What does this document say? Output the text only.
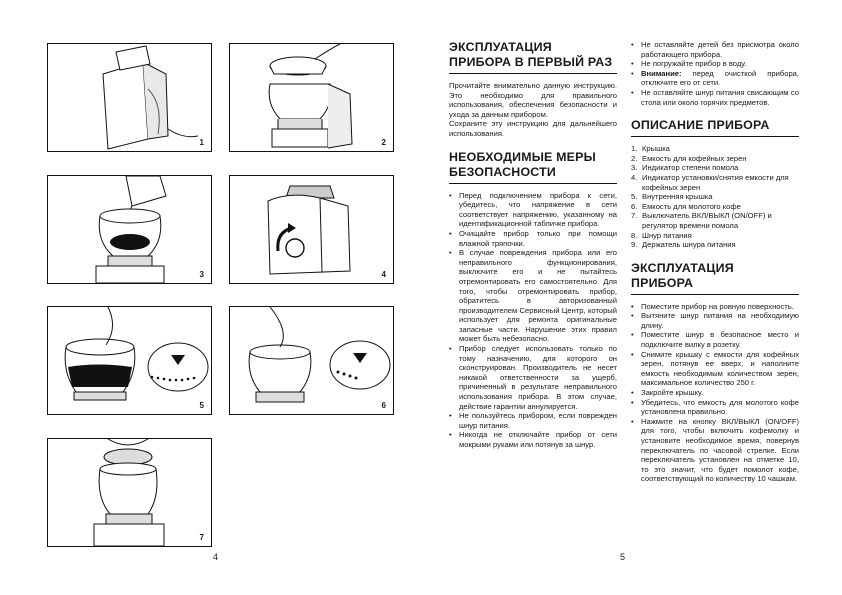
1	2
3	4
5	6
7
4	5
ЭКСПЛУАТАЦИЯ ПРИБОРА В ПЕРВЫЙ РАЗ

Прочитайте внимательно данную инструкцию. Это необходимо для правильного использования, обеспечения безопасности и ухода за данным прибором.

Сохраните эту инструкцию для дальнейшего использования.

НЕОБХОДИМЫЕ МЕРЫ БЕЗОПАСНОСТИ
• Перед подключением прибора к сети, убедитесь, что напряжение в сети соответствует напряжению, указанному на идентификационной табличке прибора.
• Очищайте прибор только при помощи влажной тряпочки.
• В случае повреждения прибора или его неправильного функционирования, выключите его и не пытайтесь отремонтировать его самостоятельно. Для того, чтобы отремонтировать прибор, обратитесь в авторизованный производителем Сервисный Центр, который использует для ремонта оригинальные запасные части. Нарушение этих правил может быть небезопасно.
• Прибор следует использовать только по тому назначению, для которого он сконструирован. Производитель не несет никакой ответственности за ущерб, причиненный в результате неправильного использования прибора. В этом случае, действие гарантии аннулируется.
• Не пользуйтесь прибором, если поврежден шнур питания.
• Никогда не отключайте прибор от сети мокрыми руками или потянув за шнур.
• Не оставляйте детей без присмотра около работающего прибора.
• Не погружайте прибор в воду.
• Внимание: перед очисткой прибора, отключите его от сети.
• Не оставляйте шнур питания свисающим со стола или около горячих предметов.
ОПИСАНИЕ ПРИБОРА
1. Крышка
2. Емкость для кофейных зерен
3. Индикатор степени помола
4. Индикатор установки/снятия емкости для кофейных зерен
5. Внутренняя крышка
6. Емкость для молотого кофе
7. Выключатель ВКЛ/ВЫКЛ (ON/OFF) и регулятор времени помола
8. Шнур питания
9. Держатель шнура питания
ЭКСПЛУАТАЦИЯ ПРИБОРА
• Поместите прибор на ровную поверхность.
• Вытяните шнур питания на необходимую длину.
• Поместите шнур в безопасное место и подключите вилку в розетку.
• Снимите крышку с емкости для кофейных зерен, потянув ее вверх, и наполните емкость необходимым количеством зерен, максимальное количество 250 г.
• Закройте крышку.
• Убедитесь, что емкость для молотого кофе установлена правильно.
• Нажмите на кнопку ВКЛ/ВЫКЛ (ON/OFF) для того, чтобы включить кофемолку и установите необходимое время, повернув переключатель по часовой стрелке. Если переключатель установлен на отметке 10, то это значит, что будет помолот кофе, соответствующий по количеству 10 чашкам.
